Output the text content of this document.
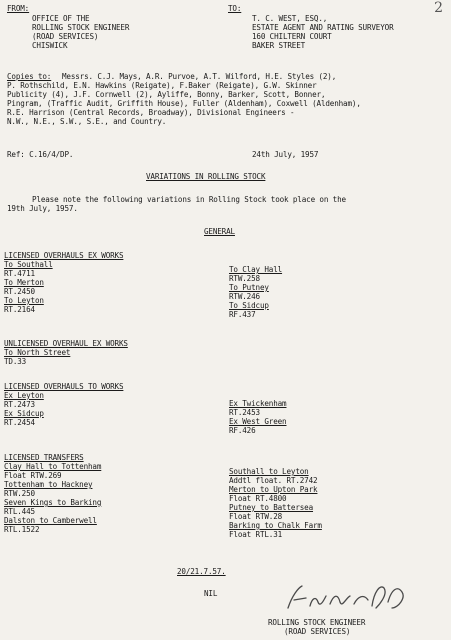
2
FROM:
OFFICE OF THE
ROLLING STOCK ENGINEER
(ROAD SERVICES)
CHISWICK
TO:
T. C. WEST, ESQ.,
ESTATE AGENT AND RATING SURVEYOR
160 CHILTERN COURT
BAKER STREET
Copies to: Messrs. C.J. Mays, A.R. Purvoe, A.T. Wilford, H.E. Styles (2),
P. Rothschild, E.N. Hawkins (Reigate), F.Baker (Reigate), G.W. Skinner
Publicity (4), J.F. Cornwell (2), Ayliffe, Bonny, Barker, Scott, Bonner,
Pingram, (Traffic Audit, Griffith House), Fuller (Aldenham), Coxwell (Aldenham),
R.E. Harrison (Central Records, Broadway), Divisional Engineers -
N.W., N.E., S.W., S.E., and Country.
Ref: C.16/4/DP.	24th July, 1957
VARIATIONS IN ROLLING STOCK
Please note the following variations in Rolling Stock took place on the
19th July, 1957.
GENERAL
LICENSED OVERHAULS EX WORKS
To Southall
RT.4711
To Merton
RT.2450
To Leyton
RT.2164
To Clay Hall
RTW.258
To Putney
RTW.246
To Sidcup
RF.437
UNLICENSED OVERHAUL EX WORKS
To North Street
TD.33
LICENSED OVERHAULS TO WORKS
Ex Leyton
RT.2473
Ex Sidcup
RT.2454
Ex Twickenham
RT.2453
Ex West Green
RF.426
LICENSED TRANSFERS
Clay Hall to Tottenham
Float RTW.269
Tottenham to Hackney
RTW.250
Seven Kings to Barking
RTL.445
Dalston to Camberwell
RTL.1522
Southall to Leyton
Addtl float. RT.2742
Merton to Upton Park
Float RT.4800
Putney to Battersea
Float RTW.28
Barking to Chalk Farm
Float RTL.31
20/21.7.57.
NIL
ROLLING STOCK ENGINEER
(ROAD SERVICES)
